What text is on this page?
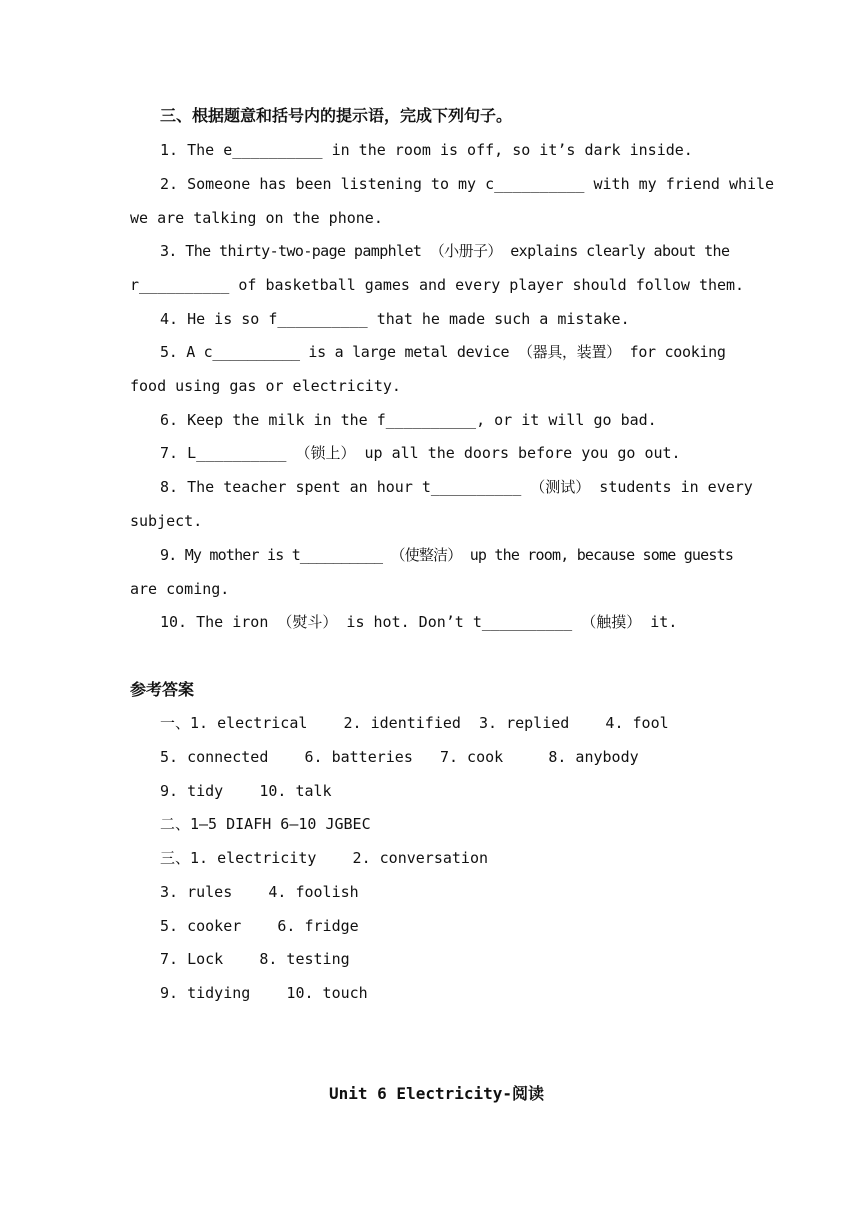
三、根据题意和括号内的提示语，完成下列句子。
1. The e__________ in the room is off, so it’s dark inside.
2. Someone has been listening to my c__________ with my friend while
we are talking on the phone.
3. The thirty-two-page pamphlet （小册子） explains clearly about the
r__________ of basketball games and every player should follow them.
4. He is so f__________ that he made such a mistake.
5. A c__________ is a large metal device （器具，装置） for cooking
food using gas or electricity.
6. Keep the milk in the f__________, or it will go bad.
7. L__________ （锁上） up all the doors before you go out.
8. The teacher spent an hour t__________ （测试） students in every
subject.
9. My mother is t__________ （使整洁） up the room, because some guests
are coming.
10. The iron （熨斗） is hot. Don’t t__________ （触摸） it.
参考答案
一、1. electrical    2. identified  3. replied    4. fool
5. connected    6. batteries   7. cook     8. anybody
9. tidy    10. talk
二、1—5 DIAFH 6—10 JGBEC
三、1. electricity    2. conversation
3. rules    4. foolish
5. cooker    6. fridge
7. Lock    8. testing
9. tidying    10. touch
Unit 6 Electricity-阅读
